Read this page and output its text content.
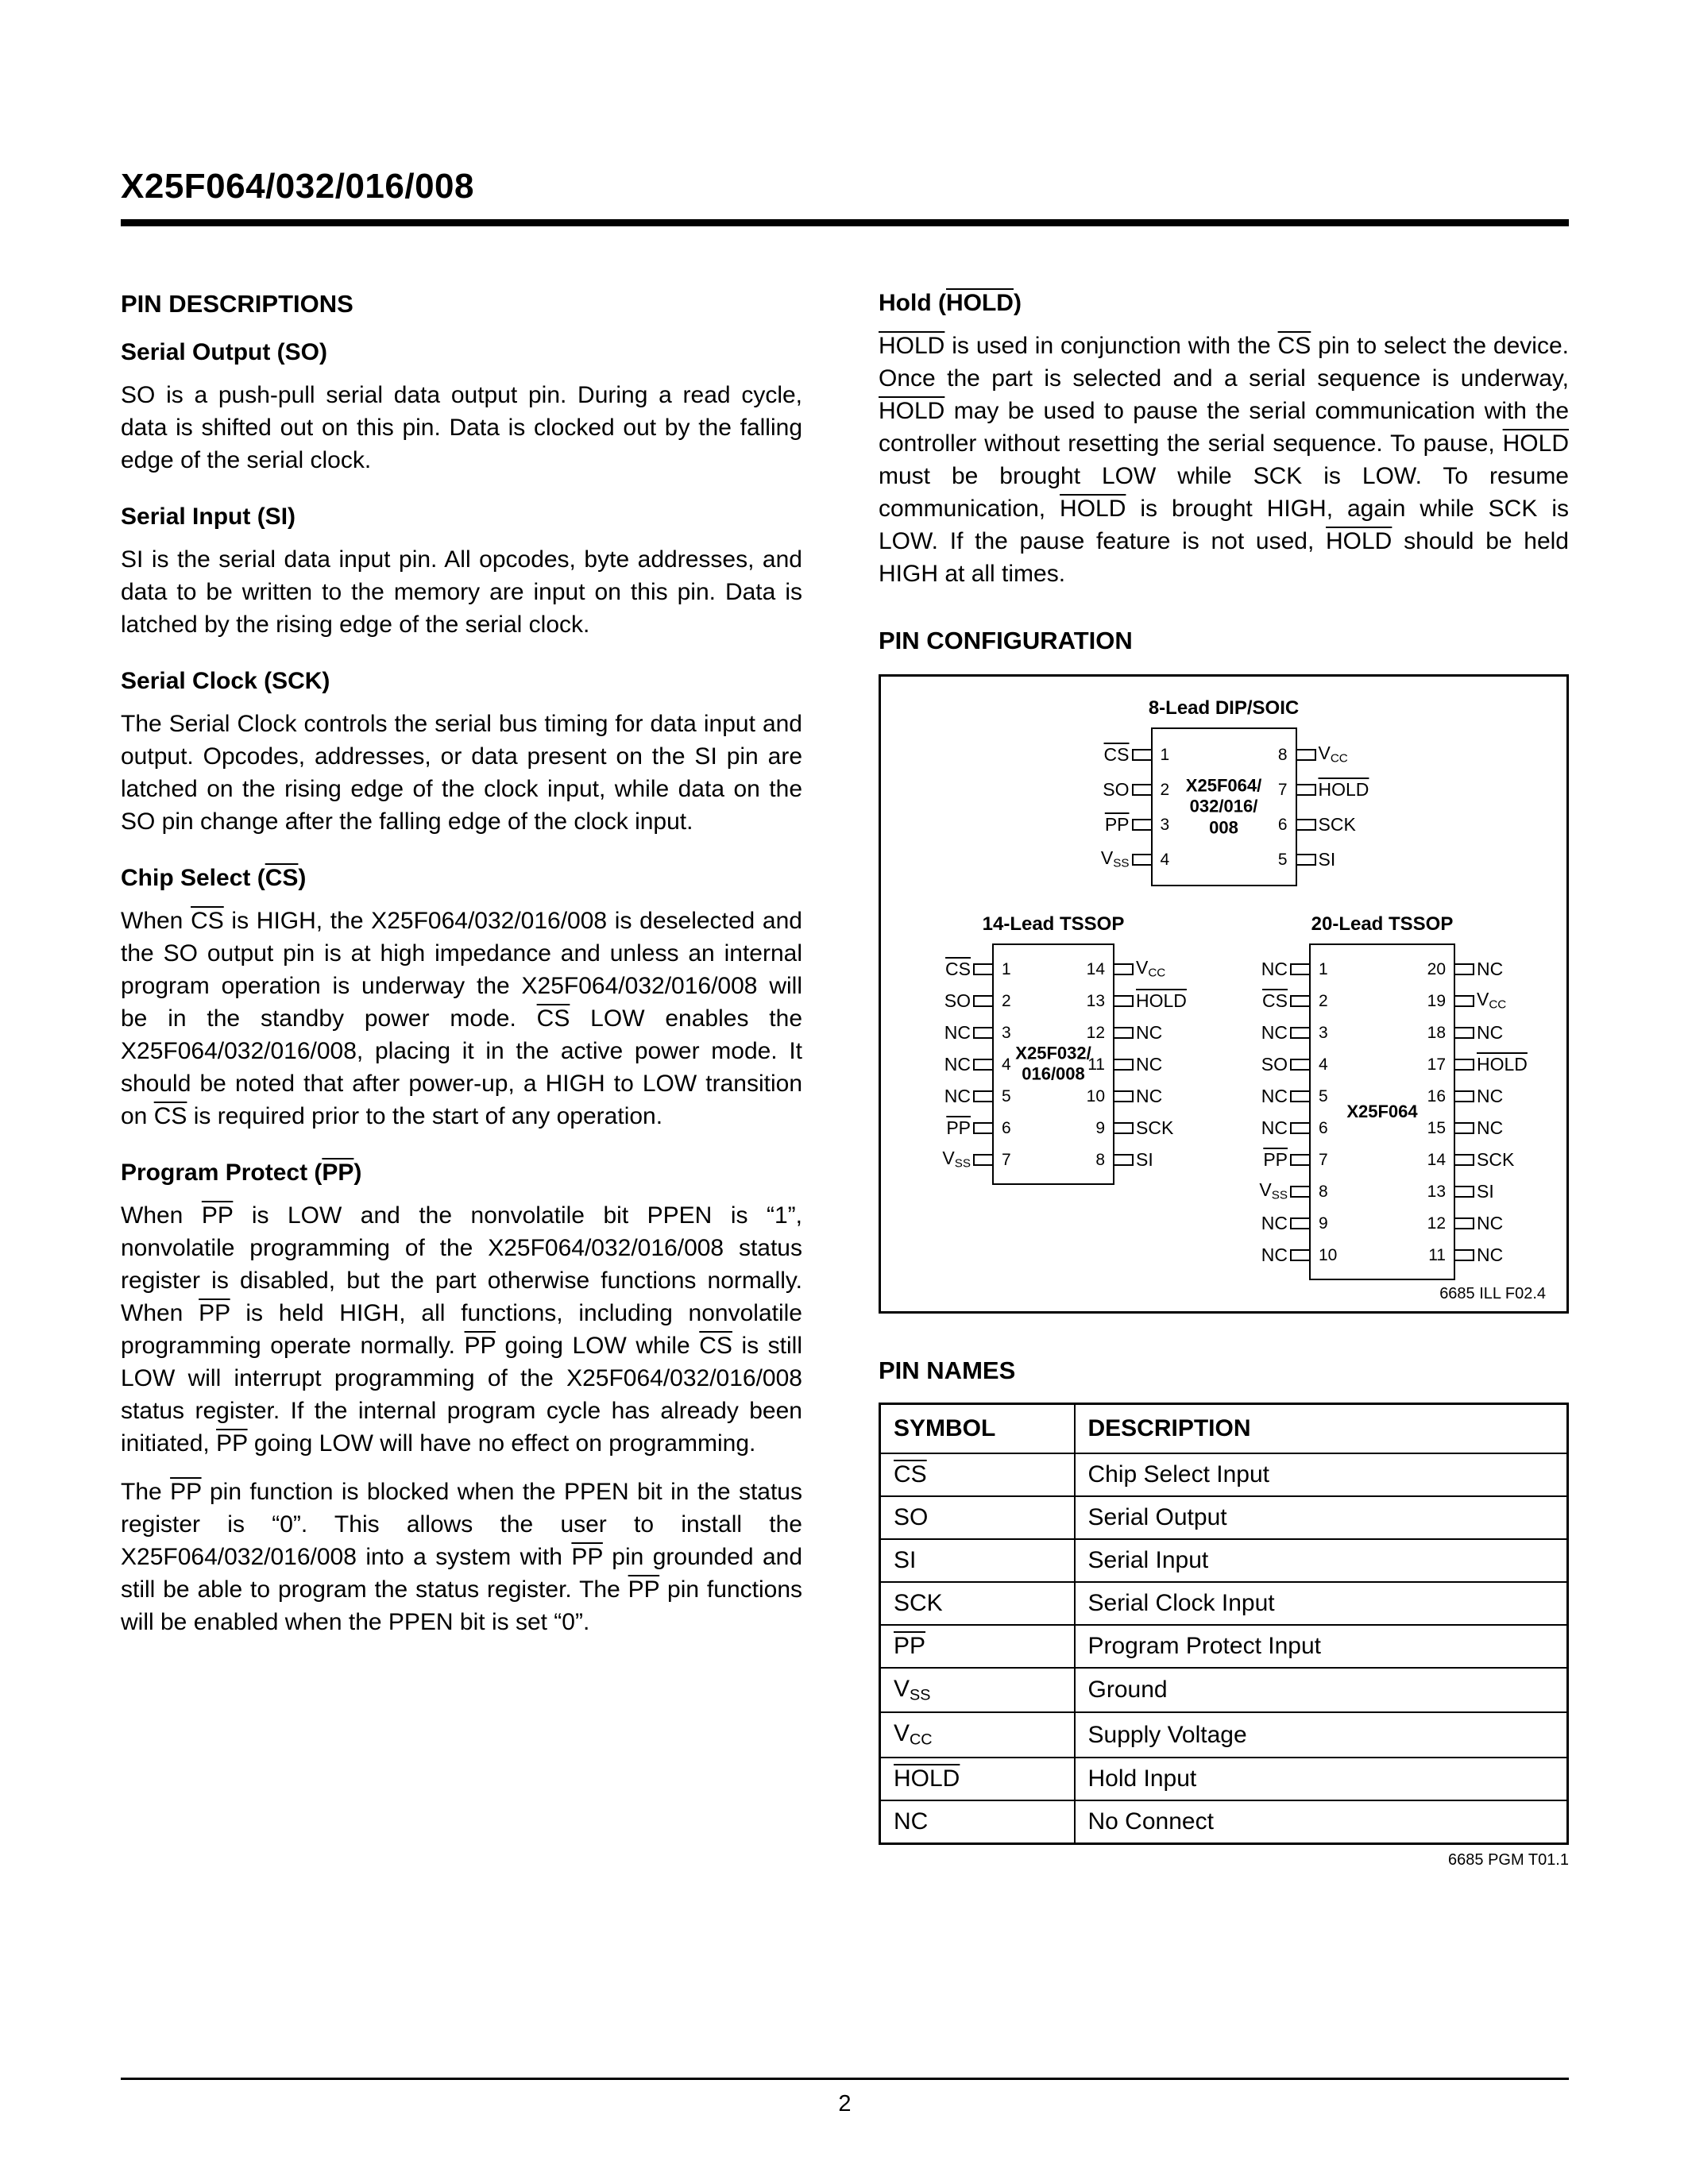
X25F064/032/016/008
PIN DESCRIPTIONS
Serial Output (SO)

SO is a push-pull serial data output pin. During a read cycle, data is shifted out on this pin. Data is clocked out by the falling edge of the serial clock.

Serial Input (SI)

SI is the serial data input pin. All opcodes, byte addresses, and data to be written to the memory are input on this pin. Data is latched by the rising edge of the serial clock.

Serial Clock (SCK)

The Serial Clock controls the serial bus timing for data input and output. Opcodes, addresses, or data present on the SI pin are latched on the rising edge of the clock input, while data on the SO pin change after the falling edge of the clock input.

Chip Select (CS)

When $\overline{CS}$ is HIGH, the X25F064/032/016/008 is deselected and the SO output pin is at high impedance and unless an internal program operation is underway the X25F064/032/016/008 will be in the standby power mode. $\overline{CS}$ LOW enables the X25F064/032/016/008, placing it in the active power mode. It should be noted that after power-up, a HIGH to LOW transition on $\overline{CS}$ is required prior to the start of any operation.

Program Protect (PP)

When $\overline{PP}$ is LOW and the nonvolatile bit PPEN is “1”, nonvolatile programming of the X25F064/032/016/008 status register is disabled, but the part otherwise functions normally. When $\overline{PP}$ is held HIGH, all functions, including nonvolatile programming operate normally. $\overline{PP}$ going LOW while $\overline{CS}$ is still LOW will interrupt programming of the X25F064/032/016/008 status register. If the internal program cycle has already been initiated, $\overline{PP}$ going LOW will have no effect on programming.

The $\overline{PP}$ pin function is blocked when the PPEN bit in the status register is “0”. This allows the user to install the X25F064/032/016/008 into a system with $\overline{PP}$ pin grounded and still be able to program the status register. The $\overline{PP}$ pin functions will be enabled when the PPEN bit is set “0”.

Hold (HOLD)

HOLD is used in conjunction with the $\overline{CS}$ pin to select the device. Once the part is selected and a serial sequence is underway, HOLD may be used to pause the serial communication with the controller without resetting the serial sequence. To pause, HOLD must be brought LOW while SCK is LOW. To resume communication, HOLD is brought HIGH, again while SCK is LOW. If the pause feature is not used, HOLD should be held HIGH at all times.

PIN CONFIGURATION
8-Lead DIP/SOIC
X25F064/
032/016/
008
$\overline{CS}$	1	8	$V_{CC}$
SO	2	7	HOLD
$\overline{PP}$	3	6	SCK
$V_{SS}$	4	5	SI
14-Lead TSSOP
X25F032/
016/008
$\overline{CS}$	1	14	$V_{CC}$
SO	2	13	HOLD
NC	3	12	NC
NC	4	11	NC
NC	5	10	NC
$\overline{PP}$	6	9	SCK
$V_{SS}$	7	8	SI
20-Lead TSSOP
X25F064
NC	1	20	NC
$\overline{CS}$	2	19	$V_{CC}$
NC	3	18	NC
SO	4	17	HOLD
NC	5	16	NC
NC	6	15	NC
$\overline{PP}$	7	14	SCK
$V_{SS}$	8	13	SI
NC	9	12	NC
NC	10	11	NC
6685 ILL F02.4
PIN NAMES
SYMBOL	DESCRIPTION
$\overline{CS}$	Chip Select Input
SO	Serial Output
SI	Serial Input
SCK	Serial Clock Input
$\overline{PP}$	Program Protect Input
$V_{SS}$	Ground
$V_{CC}$	Supply Voltage
HOLD	Hold Input
NC	No Connect
6685 PGM T01.1
2
